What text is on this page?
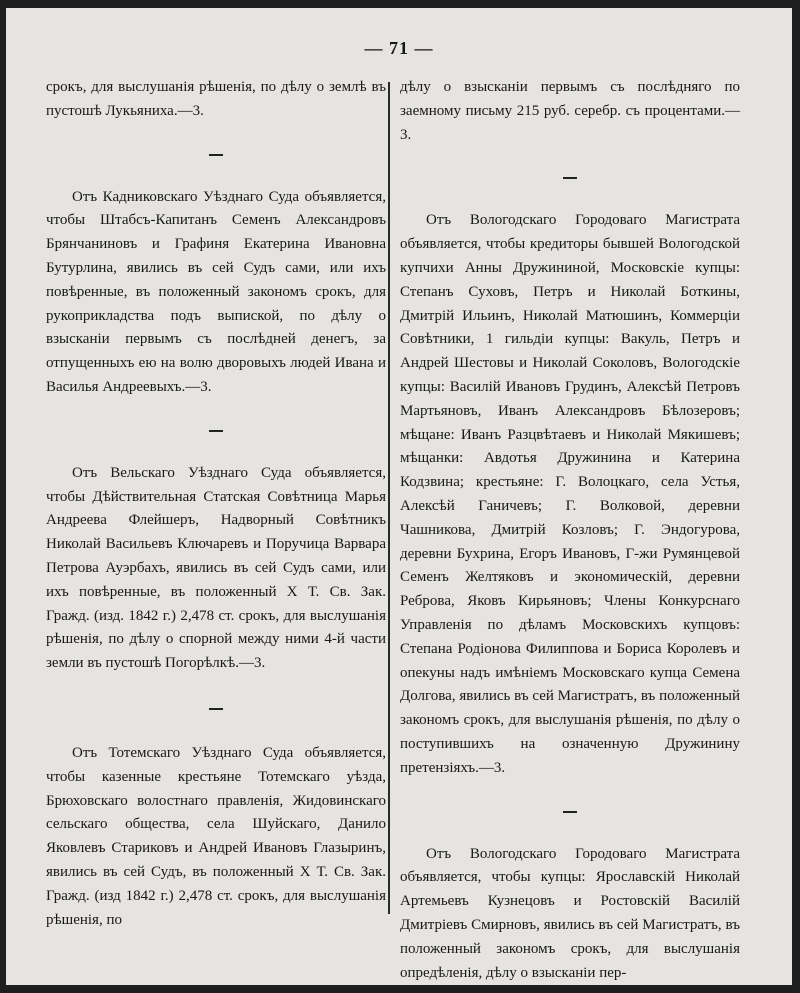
— 71 —

срокъ, для выслушанія рѣшенія, по дѣлу о землѣ въ пустошѣ Лукьяниха.—3.

Отъ Кадниковскаго Уѣзднаго Суда объявляется, чтобы Штабсъ-Капитанъ Семенъ Александровъ Брянчаниновъ и Графиня Екатерина Ивановна Бутурлина, явились въ сей Судъ сами, или ихъ повѣренные, въ положенный закономъ срокъ, для рукоприкладства подъ выпиской, по дѣлу о взысканіи первымъ съ послѣдней денегъ, за отпущенныхъ ею на волю дворовыхъ людей Ивана и Василья Андреевыхъ.—3.

Отъ Вельскаго Уѣзднаго Суда объявляется, чтобы Дѣйствительная Статская Совѣтница Марья Андреева Флейшеръ, Надворный Совѣтникъ Николай Васильевъ Ключаревъ и Поручица Варвара Петрова Ауэрбахъ, явились въ сей Судъ сами, или ихъ повѣренные, въ положенный X Т. Св. Зак. Гражд. (изд. 1842 г.) 2,478 ст. срокъ, для выслушанія рѣшенія, по дѣлу о спорной между ними 4-й части земли въ пустошѣ Погорѣлкѣ.—3.

Отъ Тотемскаго Уѣзднаго Суда объявляется, чтобы казенные крестьяне Тотемскаго уѣзда, Брюховскаго волостнаго правленія, Жидовинскаго сельскаго общества, села Шуйскаго, Данило Яковлевъ Стариковъ и Андрей Ивановъ Глазыринъ, явились въ сей Судъ, въ положенный X Т. Св. Зак. Гражд. (изд 1842 г.) 2,478 ст. срокъ, для выслушанія рѣшенія, по

дѣлу о взысканіи первымъ съ послѣдняго по заемному письму 215 руб. серебр. съ процентами.—3.

Отъ Вологодскаго Городоваго Магистрата объявляется, чтобы кредиторы бывшей Вологодской купчихи Анны Дружининой, Московскіе купцы: Степанъ Суховъ, Петръ и Николай Боткины, Дмитрій Ильинъ, Николай Матюшинъ, Коммерціи Совѣтники, 1 гильдіи купцы: Вакуль, Петръ и Андрей Шестовы и Николай Соколовъ, Вологодскіе купцы: Василій Ивановъ Грудинъ, Алексѣй Петровъ Мартьяновъ, Иванъ Александровъ Бѣлозеровъ; мѣщане: Иванъ Разцвѣтаевъ и Николай Мякишевъ; мѣщанки: Авдотья Дружинина и Катерина Кодзвина; крестьяне: Г. Волоцкаго, села Устья, Алексѣй Ганичевъ; Г. Волковой, деревни Чашникова, Дмитрій Козловъ; Г. Эндогурова, деревни Бухрина, Егоръ Ивановъ, Г-жи Румянцевой Семенъ Желтяковъ и экономическій, деревни Реброва, Яковъ Кирьяновъ; Члены Конкурснаго Управленія по дѣламъ Московскихъ купцовъ: Степана Родіонова Филиппова и Бориса Королевъ и опекуны надъ имѣніемъ Московскаго купца Семена Долгова, явились въ сей Магистратъ, въ положенный закономъ срокъ, для выслушанія рѣшенія, по дѣлу о поступившихъ на означенную Дружинину претензіяхъ.—3.

Отъ Вологодскаго Городоваго Магистрата объявляется, чтобы купцы: Ярославскій Николай Артемьевъ Кузнецовъ и Ростовскій Василій Дмитріевъ Смирновъ, явились въ сей Магистратъ, въ положенный закономъ срокъ, для выслушанія опредѣленія, дѣлу о взысканіи пер-
